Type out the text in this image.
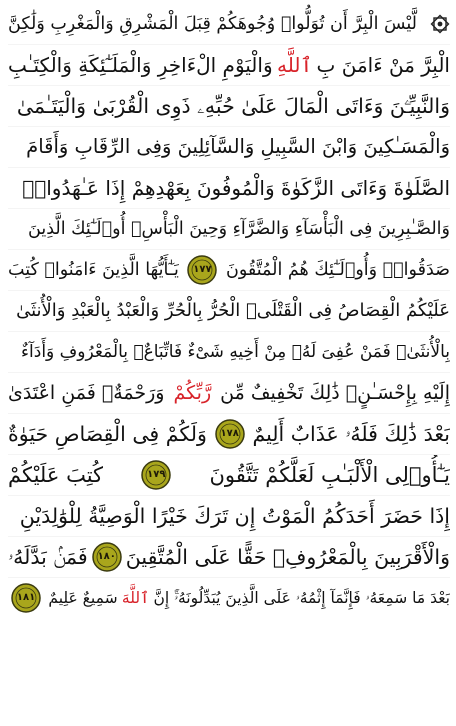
لَّيْسَ الْبِرَّ أَن تُوَلُّوا۟ وُجُوهَكُمْ قِبَلَ الْمَشْرِقِ وَالْمَغْرِبِ وَلَٰكِنَّ
الْبِرَّ مَنْ ءَامَنَ بِ
ٱللَّهِ
وَالْيَوْمِ الْءَاخِرِ وَالْمَلَـٰٓئِكَةِ وَالْكِتَـٰبِ
وَالنَّبِيِّـۧنَ وَءَاتَى الْمَالَ عَلَىٰ حُبِّهِۦ ذَوِى الْقُرْبَىٰ وَالْيَتَـٰمَىٰ
وَالْمَسَـٰكِينَ وَابْنَ السَّبِيلِ وَالسَّآئِلِينَ وَفِى الرِّقَابِ وَأَقَامَ
الصَّلَوٰةَ وَءَاتَى الزَّكَوٰةَ وَالْمُوفُونَ بِعَهْدِهِمْ إِذَا عَـٰهَدُوا۟ۖ
وَالصَّـٰبِرِينَ فِى الْبَأْسَآءِ وَالضَّرَّآءِ وَحِينَ الْبَأْسِۗ أُو۟لَـٰٓئِكَ الَّذِينَ
صَدَقُوا۟ۖ وَأُو۟لَـٰٓئِكَ هُمُ الْمُتَّقُونَ
١٧٧
يَـٰٓأَيُّهَا الَّذِينَ ءَامَنُوا۟ كُتِبَ
عَلَيْكُمُ الْقِصَاصُ فِى الْقَتْلَىۖ الْحُرُّ بِالْحُرِّ وَالْعَبْدُ بِالْعَبْدِ وَالْأُنثَىٰ
بِالْأُنثَىٰۚ فَمَنْ عُفِىَ لَهُۥ مِنْ أَخِيهِ شَىْءٌ فَاتِّبَاعٌۢ بِالْمَعْرُوفِ وَأَدَآءٌ
إِلَيْهِ بِإِحْسَـٰنٍۗ ذَٰلِكَ تَخْفِيفٌ مِّن
رَّبِّكُمْ
وَرَحْمَةٌۗ فَمَنِ اعْتَدَىٰ
بَعْدَ ذَٰلِكَ فَلَهُۥ عَذَابٌ أَلِيمٌ
١٧٨
وَلَكُمْ فِى الْقِصَاصِ حَيَوٰةٌ
يَـٰٓأُو۟لِى الْأَلْبَـٰبِ لَعَلَّكُمْ تَتَّقُونَ
١٧٩
كُتِبَ عَلَيْكُمْ
إِذَا حَضَرَ أَحَدَكُمُ الْمَوْتُ إِن تَرَكَ خَيْرًا الْوَصِيَّةُ لِلْوَٰلِدَيْنِ
وَالْأَقْرَبِينَ بِالْمَعْرُوفِۖ حَقًّا عَلَى الْمُتَّقِينَ
١٨٠
فَمَنۢ بَدَّلَهُۥ
بَعْدَ مَا سَمِعَهُۥ فَإِنَّمَآ إِثْمُهُۥ عَلَى الَّذِينَ يُبَدِّلُونَهُۥٓۚ إِنَّ
ٱللَّهَ
سَمِيعٌ عَلِيمٌ
١٨١
